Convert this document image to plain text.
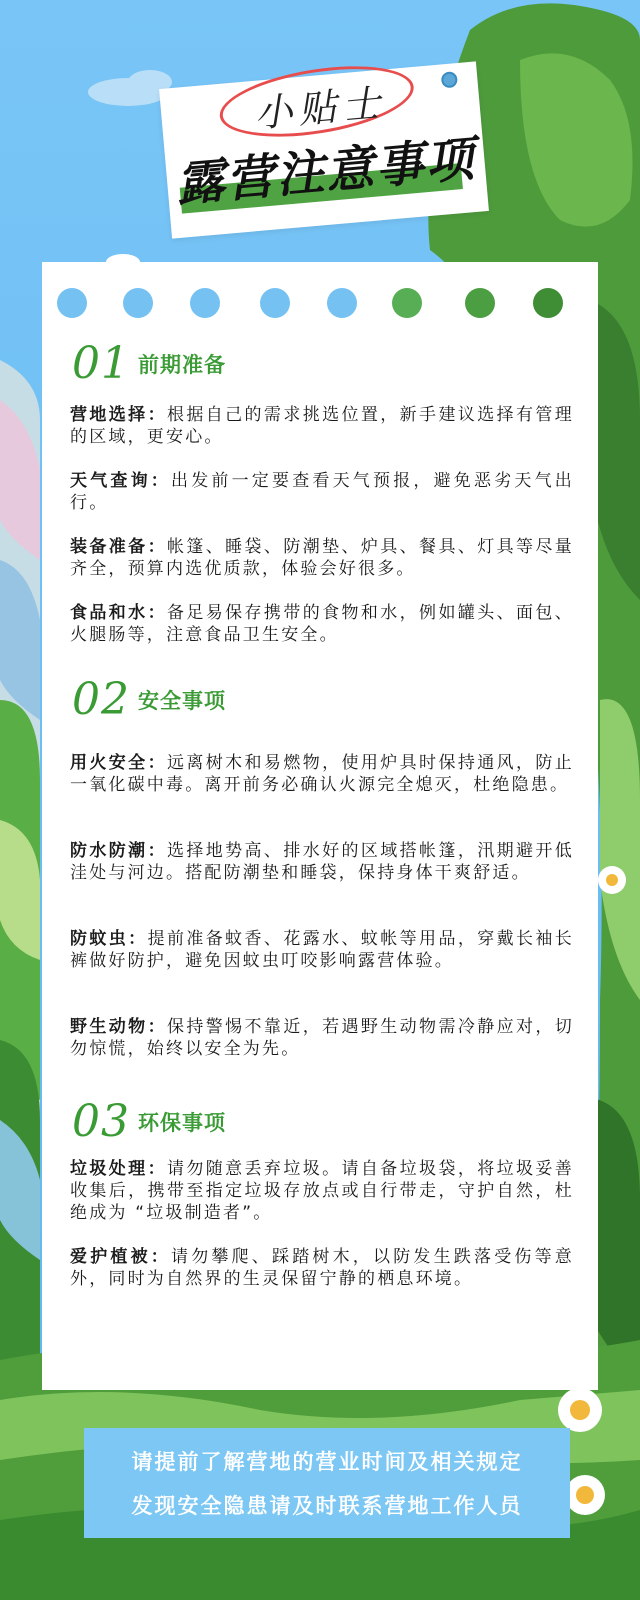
小贴士
露营注意事项
01 前期准备
营地选择：根据自己的需求挑选位置，新手建议选择有管理的区域，更安心。
天气查询：出发前一定要查看天气预报，避免恶劣天气出行。
装备准备：帐篷、睡袋、防潮垫、炉具、餐具、灯具等尽量齐全，预算内选优质款，体验会好很多。
食品和水：备足易保存携带的食物和水，例如罐头、面包、火腿肠等，注意食品卫生安全。
02 安全事项
用火安全：远离树木和易燃物，使用炉具时保持通风，防止一氧化碳中毒。离开前务必确认火源完全熄灭，杜绝隐患。
防水防潮：选择地势高、排水好的区域搭帐篷，汛期避开低洼处与河边。搭配防潮垫和睡袋，保持身体干爽舒适。
防蚊虫：提前准备蚊香、花露水、蚊帐等用品，穿戴长袖长裤做好防护，避免因蚊虫叮咬影响露营体验。
野生动物：保持警惕不靠近，若遇野生动物需冷静应对，切勿惊慌，始终以安全为先。
03 环保事项
垃圾处理：请勿随意丢弃垃圾。请自备垃圾袋，将垃圾妥善收集后，携带至指定垃圾存放点或自行带走，守护自然，杜绝成为 “垃圾制造者”。
爱护植被：请勿攀爬、踩踏树木，以防发生跌落受伤等意外，同时为自然界的生灵保留宁静的栖息环境。
请提前了解营地的营业时间及相关规定
发现安全隐患请及时联系营地工作人员
